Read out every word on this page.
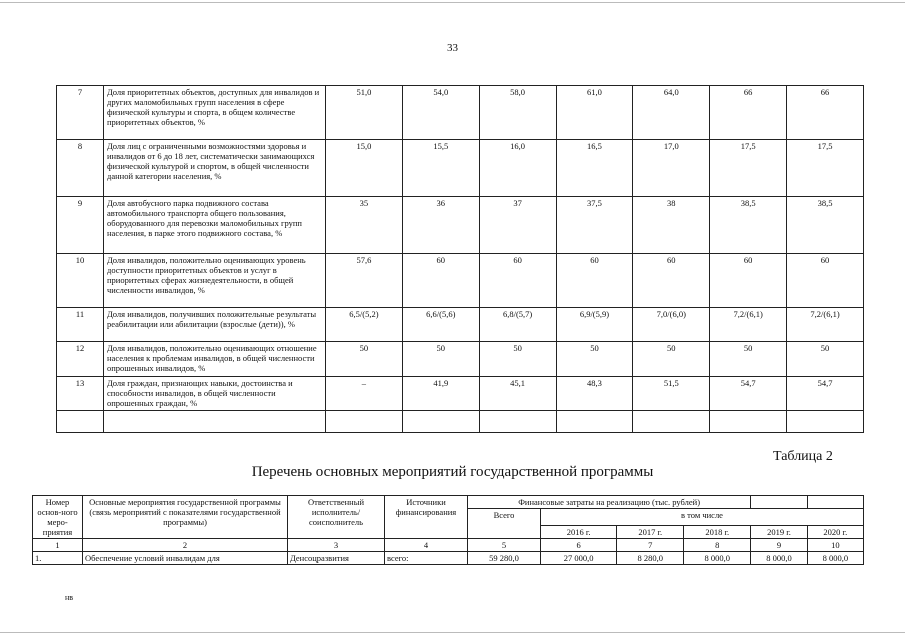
33
7	Доля приоритетных объектов, доступных для инвалидов и других маломобильных групп населения в сфере физической культуры и спорта, в общем количестве приоритетных объектов, %	51,0	54,0	58,0	61,0	64,0	66	66
8	Доля лиц с ограниченными возможностями здоровья и инвалидов от 6 до 18 лет, систематически занимающихся физической культурой и спортом, в общей численности данной категории населения, %	15,0	15,5	16,0	16,5	17,0	17,5	17,5
9	Доля автобусного парка подвижного состава автомобильного транспорта общего пользования, оборудованного для перевозки маломобильных групп населения, в парке этого подвижного состава, %	35	36	37	37,5	38	38,5	38,5
10	Доля инвалидов, положительно оценивающих уровень доступности приоритетных объектов и услуг в приоритетных сферах жизнедеятельности, в общей численности инвалидов, %	57,6	60	60	60	60	60	60
11	Доля инвалидов, получивших положительные результаты реабилитации или абилитации (взрослые (дети)), %	6,5/(5,2)	6,6/(5,6)	6,8/(5,7)	6,9/(5,9)	7,0/(6,0)	7,2/(6,1)	7,2/(6,1)
12	Доля инвалидов, положительно оценивающих отношение населения к проблемам инвалидов, в общей численности опрошенных инвалидов, %	50	50	50	50	50	50	50
13	Доля граждан, признающих навыки, достоинства и способности инвалидов, в общей численности опрошенных граждан, %	–	41,9	45,1	48,3	51,5	54,7	54,7

Таблица 2
Перечень основных мероприятий государственной программы
Номер основ-ного меро-приятия	Основные мероприятия государственной программы (связь мероприятий с показателями государственной программы)	Ответственный исполнитель/соисполнитель	Источники финансирования	Финансовые затраты на реализацию (тыс. рублей)					
				Всего	в том числе				
					2016 г.	2017 г.	2018 г.	2019 г.	2020 г.
1	2	3	4	5	6	7	8	9	10
1.	Обеспечение условий инвалидам для	Денсоцразвития	всего:	59 280,0	27 000,0	8 280,0	8 000,0	8 000,0	8 000,0
нв
